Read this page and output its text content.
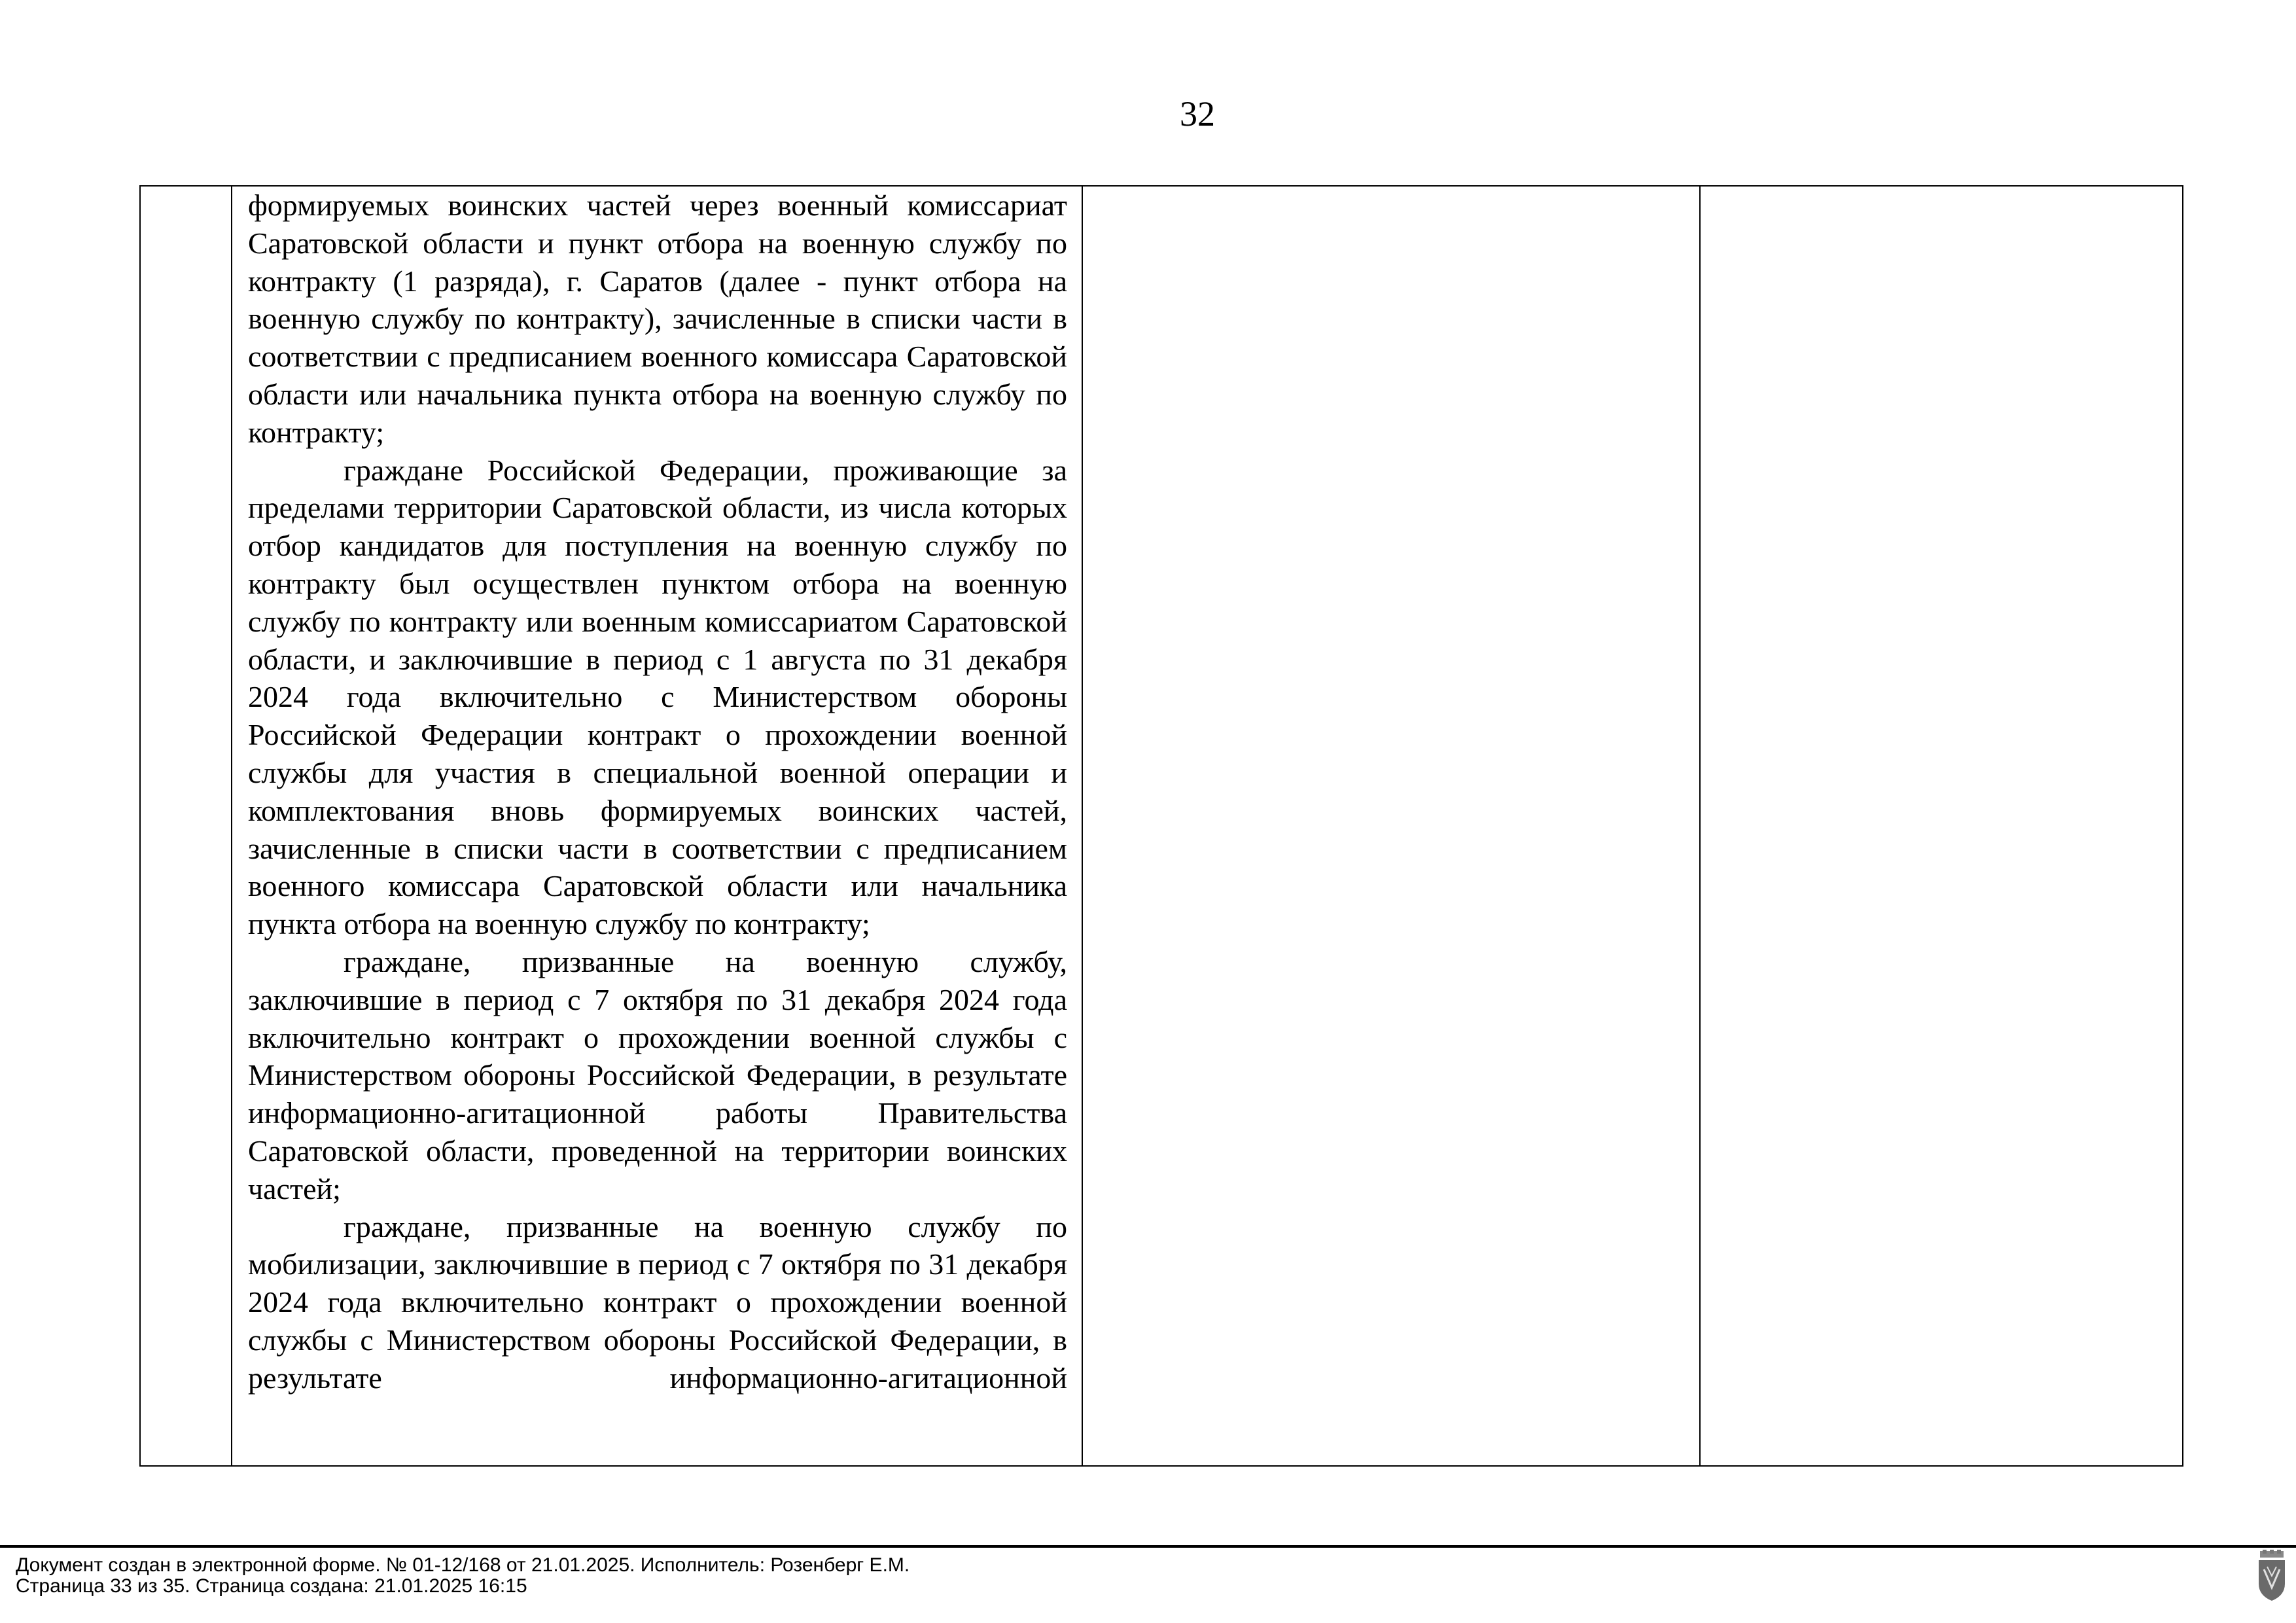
32

формируемых воинских частей через военный комиссариат Саратовской области и пункт отбора на военную службу по контракту (1 разряда), г. Саратов (далее - пункт отбора на военную службу по контракту), зачисленные в списки части в соответствии с предписанием военного комиссара Саратовской области или начальника пункта отбора на военную службу по контракту;

граждане Российской Федерации, проживающие за пределами территории Саратовской области, из числа которых отбор кандидатов для поступления на военную службу по контракту был осуществлен пунктом отбора на военную службу по контракту или военным комиссариатом Саратовской области, и заключившие в период с 1 августа по 31 декабря 2024 года включительно с Министерством обороны Российской Федерации контракт о прохождении военной службы для участия в специальной военной операции и комплектования вновь формируемых воинских частей, зачисленные в списки части в соответствии с предписанием военного комиссара Саратовской области или начальника пункта отбора на военную службу по контракту;

граждане, призванные на военную службу, заключившие в период с 7 октября по 31 декабря 2024 года включительно контракт о прохождении военной службы с Министерством обороны Российской Федерации, в результате информационно-агитационной работы Правительства Саратовской области, проведенной на территории воинских частей;

граждане, призванные на военную службу по мобилизации, заключившие в период с 7 октября по 31 декабря 2024 года включительно контракт о прохождении военной службы с Министерством обороны Российской Федерации, в результате информационно-агитационной

Документ создан в электронной форме. № 01-12/168 от 21.01.2025. Исполнитель: Розенберг Е.М.
Страница 33 из 35. Страница создана: 21.01.2025 16:15
